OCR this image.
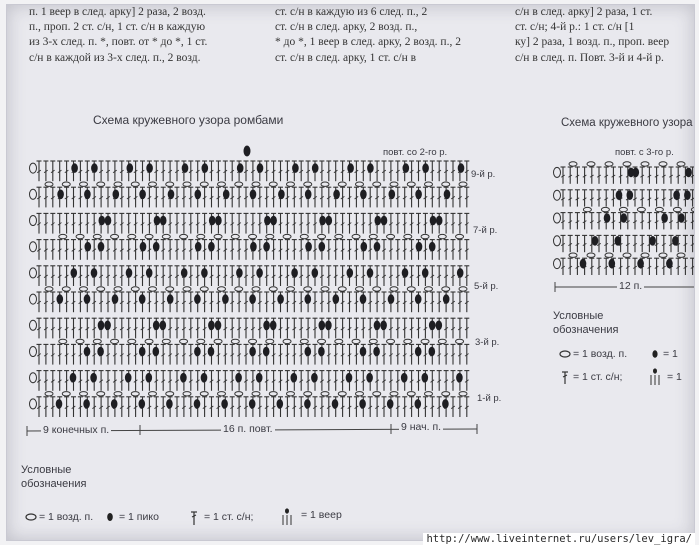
п. 1 веер в след. арку] 2 раза, 2 возд.
п., проп. 2 ст. с/н, 1 ст. с/н в каждую
из 3-х след. п. *, повт. от * до *, 1 ст.
с/н в каждой из 3-х след. п., 2 возд.
ст. с/н в каждую из 6 след. п., 2
ст. с/н в след. арку, 2 возд. п.,
* до *, 1 веер в след. арку, 2 возд. п., 2
ст. с/н в след. арку, 1 ст. с/н в
с/н в след. арку] 2 раза, 1 ст.
ст. с/н; 4-й р.: 1 ст. с/н [1
ку] 2 раза, 1 возд. п., проп. веер
с/н в след. п. Повт. 3-й и 4-й р.
Схема кружевного узора ромбами
повт. со 2-го р.
9-й р.
7-й р.
5-й р.
3-й р.
1-й р.
9 конечных п.	16 п. повт.	9 нач. п.
Условные
обозначения
= 1 возд. п. = 1 пико	= 1 ст. с/н;	= 1 веер
Схема кружевного узора
повт. с 3-го р.
12 п.
Условные
обозначения
= 1 возд. п.	= 1
= 1 ст. с/н;	= 1
http://www.liveinternet.ru/users/lev_igra/
